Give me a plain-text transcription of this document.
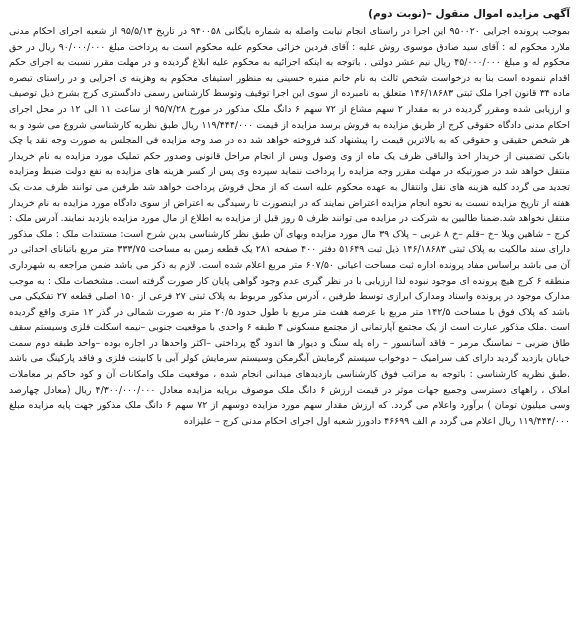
آگهی مزایده اموال منقول –(نوبت دوم)

بموجب پرونده اجرایی ۹۵۰۰۲۰ این اجرا در راستای انجام نیابت واصله به شماره بایگانی ۹۴۰۰۵۸ در تاریخ ۹۵/۵/۱۳ از شعبه اجرای احکام مدنی ملارد محکوم له : آقای سید صادق موسوی روش علیه : آقای فردین خزائی محکوم علیه محکوم است به پرداخت مبلغ ۹۰/۰۰۰/۰۰۰ ریال در حق محکوم له و مبلغ ۴۵/۰۰۰/۰۰۰ ریال نیم عشر دولتی . باتوجه به اینکه اجرائیه به محکوم علیه ابلاغ گردیده و در مهلت مقرر نسبت به اجرای حکم اقدام ننموده است بنا به درخواست شخص ثالث به نام خانم منیره حسینی به منظور استیفای محکوم به وهزینه ی اجرایی و در راستای تبصره ماده ۳۴ قانون اجرا ملک ثبتی ۱۴۶/۱۸۶۸۳ متعلق به نامبرده از سوی این اجرا توقیف وتوسط کارشناس رسمی دادگستری کرج بشرح ذیل توصیف و ارزیابی شده ومقرر گردیده در به مقدار ۲ سهم مشاع از ۷۲ سهم ۶ دانگ ملک مذکور در مورخ ۹۵/۷/۲۸ از ساعت ۱۱ الی ۱۲ در محل اجرای احکام مدنی دادگاه حقوقی کرج از طریق مزایده به فروش برسد مزایده از قیمت ۱۱۹/۴۴۴/۰۰۰ ریال طبق نظریه کارشناسی شروع می شود و به هر شخص حقیقی و حقوقی که به بالاترین قیمت را پیشنهاد کند فروخته خواهد شد ده در صد وجه مزایده فی المجلس به صورت وجه نقد یا چک بانکی تضمینی از خریدار اخذ والباقی ظرف یک ماه از وی وصول ویس از انجام مراحل قانونی وصدور حکم تملیک مورد مزایده به نام خریدار منتقل خواهد شد در صورتیکه در مهلت مقرر وجه مزایده را پرداخت ننماید سپرده وی پس از کسر هزینه های مزایده به نفع دولت ضبط ومزایده تجدید می گردد کلیه هزینه های نقل وانتقال به عهده محکوم علیه است که از محل فروش پرداخت خواهد شد طرفین می توانند ظرف مدت یک هفته از تاریخ مزایده نسبت به نحوه انجام مزایده اعتراض نمایند که در اینصورت تا رسیدگی به اعتراض از سوی دادگاه مورد مزایده به نام خریدار منتقل نخواهد شد.ضمنا طالبین به شرکت در مزایده می توانند ظرف ۵ روز قبل از مزایده به اطلاع از مال مورد مزایده بازدید نمایند. آدرس ملک : کرج – شاهین ویلا –خ –قلم –خ ۸ غربی – پلاک ۳۹ مال مورد مزایده وبهای آن طبق نظر کارشناسی بدین شرح است: مستندات ملک : ملک مذکور دارای سند مالکیت به پلاک ثبتی ۱۴۶/۱۸۶۸۳ ذیل ثبت ۵۱۶۴۹ دفتر ۴۰۰ صفحه ۲۸۱ یک قطعه زمین به مساحت ۳۳۳/۷۵ متر مربع باتبانای احداثی در آن می باشد براساس مفاد پرونده اداره ثبت مساحت اعیانی ۶۰۷/۵۰ متر مربع اعلام شده است. لازم به ذکر می باشد ضمن مراجعه به شهرداری منطقه ۶ کرج هیچ پرونده ای موجود نبوده لذا ارزیابی با در نظر گیری عدم وجود گواهی پایان کار صورت گرفته است. مشخصات ملک : به موجب مدارک موجود در پرونده واسناد ومدارک ابرازی توسط طرفین ، آدرس مذکور مربوط به پلاک ثبتی ۲۷ فرعی از ۱۵۰ اصلی قطعه ۲۷ تفکیکی می باشد که پلاک فوق با مساحت ۱۴۲/۵ متر مربع با عرصه هفت متر مربع با طول حدود ۲۰/۵ متر به صورت شمالی در گذر ۱۲ متری واقع گردیده است .ملک مذکور عبارت است از یک مجتمع آپارتمانی از مجتمع مسکونی ۴ طبقه ۶ واحدی با موقعیت جنوبی –نیمه اسکلت فلزی وسیستم سقف طاق ضربی – نماسنگ مرمر – فاقد آسانسور – راه پله سنگ و دیوار ها اندود گچ پرداختی –اکثر واحدها در اجاره بوده –واحد طبقه دوم سمت خیابان بازدید گردید دارای کف سرامیک – دوخواب سیستم گرمایش آبگرمکن وسیستم سرمایش کولر آبی با کابینت فلزی و فاقد پارکینگ می باشد .طبق نظریه کارشناسی : باتوجه به مراتب فوق کارشناسی بازدیدهای میدانی انجام شده ، موقعیت ملک وامکانات آن و کود حاکم بر معاملات املاک ، راههای دسترسی وجمیع جهات موثر در قیمت ارزش ۶ دانگ ملک موصوف برپایه مزایده معادل ۴/۳۰۰/۰۰۰/۰۰۰ ریال (معادل چهارصد وسی میلیون تومان ) برآورد واعلام می گردد. که ارزش مقدار سهم مورد مزایده دوسهم از ۷۲ سهم ۶ دانگ ملک مذکور جهت پایه مزایده مبلغ ۱۱۹/۴۴۴/۰۰۰ ریال اعلام می گردد م الف ۴۶۶۹۹ دادورز شعبه اول اجرای احکام مدنی کرج – علیزاده
